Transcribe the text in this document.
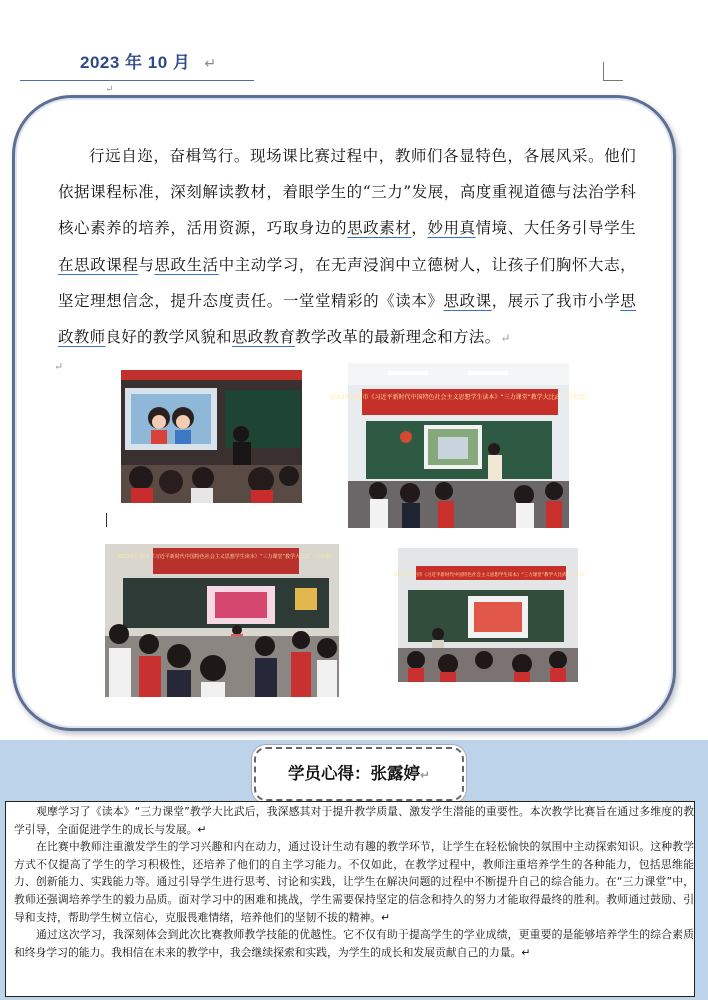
2023 年 10 月 ↵
↵
行远自迩，奋楫笃行。现场课比赛过程中，教师们各显特色，各展风采。他们依据课程标准，深刻解读教材，着眼学生的“三力”发展，高度重视道德与法治学科核心素养的培养，活用资源，巧取身边的思政素材，妙用真情境、大任务引导学生在思政课程与思政生活中主动学习，在无声浸润中立德树人，让孩子们胸怀大志，坚定理想信念，提升态度责任。一堂堂精彩的《读本》思政课，展示了我市小学思政教师良好的教学风貌和思政教育教学改革的最新理念和方法。↵
↵
2023年江阴市《习近平新时代中国特色社会主义思想学生读本》“三力课堂”教学大比武（青年组）
2023年江阴市《习近平新时代中国特色社会主义思想学生读本》“三力课堂”教学大比武（中年组）
2023年江阴市《习近平新时代中国特色社会主义思想学生读本》“三力课堂”教学大比武（中年组）
学员心得：张露婷↵

观摩学习了《读本》“三力课堂”教学大比武后，我深感其对于提升教学质量、激发学生潜能的重要性。本次教学比赛旨在通过多维度的教学引导，全面促进学生的成长与发展。↵

在比赛中教师注重激发学生的学习兴趣和内在动力，通过设计生动有趣的教学环节，让学生在轻松愉快的氛围中主动探索知识。这种教学方式不仅提高了学生的学习积极性，还培养了他们的自主学习能力。不仅如此，在教学过程中，教师注重培养学生的各种能力，包括思维能力、创新能力、实践能力等。通过引导学生进行思考、讨论和实践，让学生在解决问题的过程中不断提升自己的综合能力。在“三力课堂”中，教师还强调培养学生的毅力品质。面对学习中的困难和挑战，学生需要保持坚定的信念和持久的努力才能取得最终的胜利。教师通过鼓励、引导和支持，帮助学生树立信心，克服畏难情绪，培养他们的坚韧不拔的精神。↵

通过这次学习，我深刻体会到此次比赛教师教学技能的优越性。它不仅有助于提高学生的学业成绩，更重要的是能够培养学生的综合素质和终身学习的能力。我相信在未来的教学中，我会继续探索和实践，为学生的成长和发展贡献自己的力量。↵
